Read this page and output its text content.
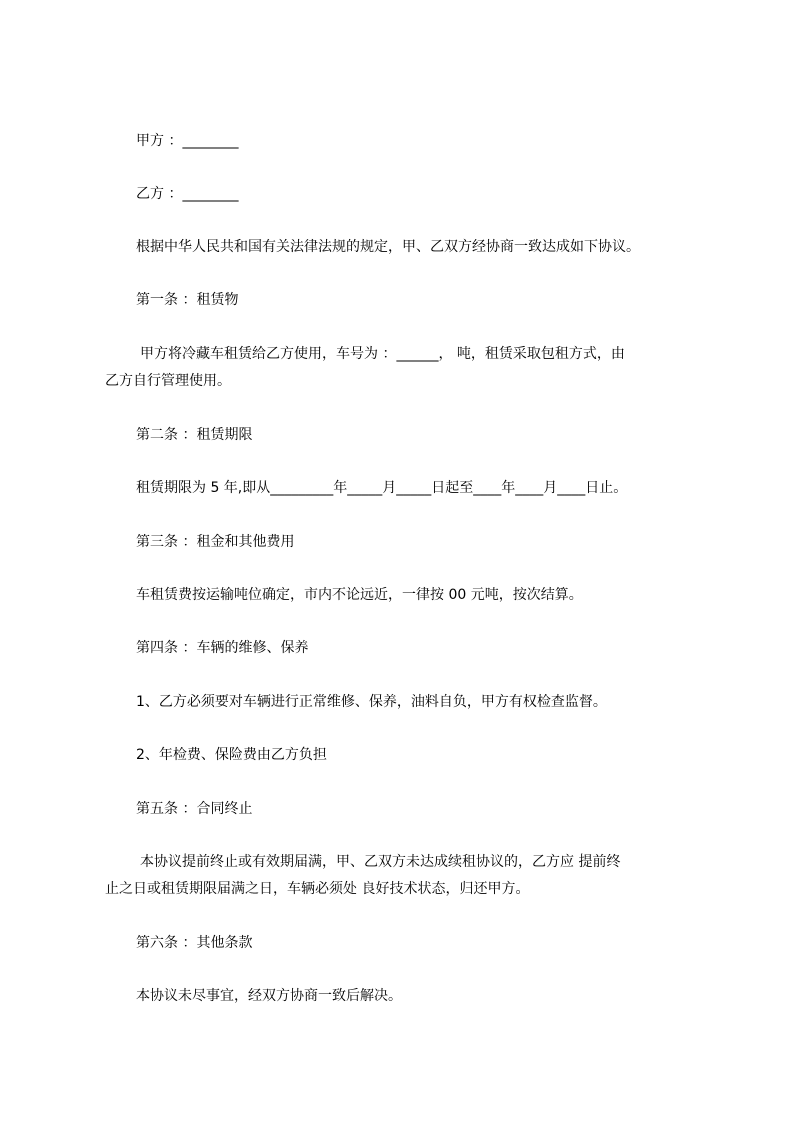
甲方 ：________
乙方 ：________
根据中华人民共和国有关法律法规的规定，甲、乙双方经协商一致达成如下协议。
第一条 ：租赁物
甲方将冷藏车租赁给乙方使用，车号为 ：______， 吨，租赁采取包租方式，由
乙方自行管理使用。
第二条 ：租赁期限
租赁期限为 5 年,即从_________年_____月_____日起至____年____月____日止。
第三条 ：租金和其他费用
车租赁费按运输吨位确定，市内不论远近，一律按 00 元吨，按次结算。
第四条 ：车辆的维修、保养
1、乙方必须要对车辆进行正常维修、保养，油料自负，甲方有权检查监督。
2、年检费、保险费由乙方负担
第五条 ：合同终止
本协议提前终止或有效期届满，甲、乙双方未达成续租协议的，乙方应 提前终
止之日或租赁期限届满之日，车辆必须处 良好技术状态，归还甲方。
第六条 ：其他条款
本协议未尽事宜，经双方协商一致后解决。
